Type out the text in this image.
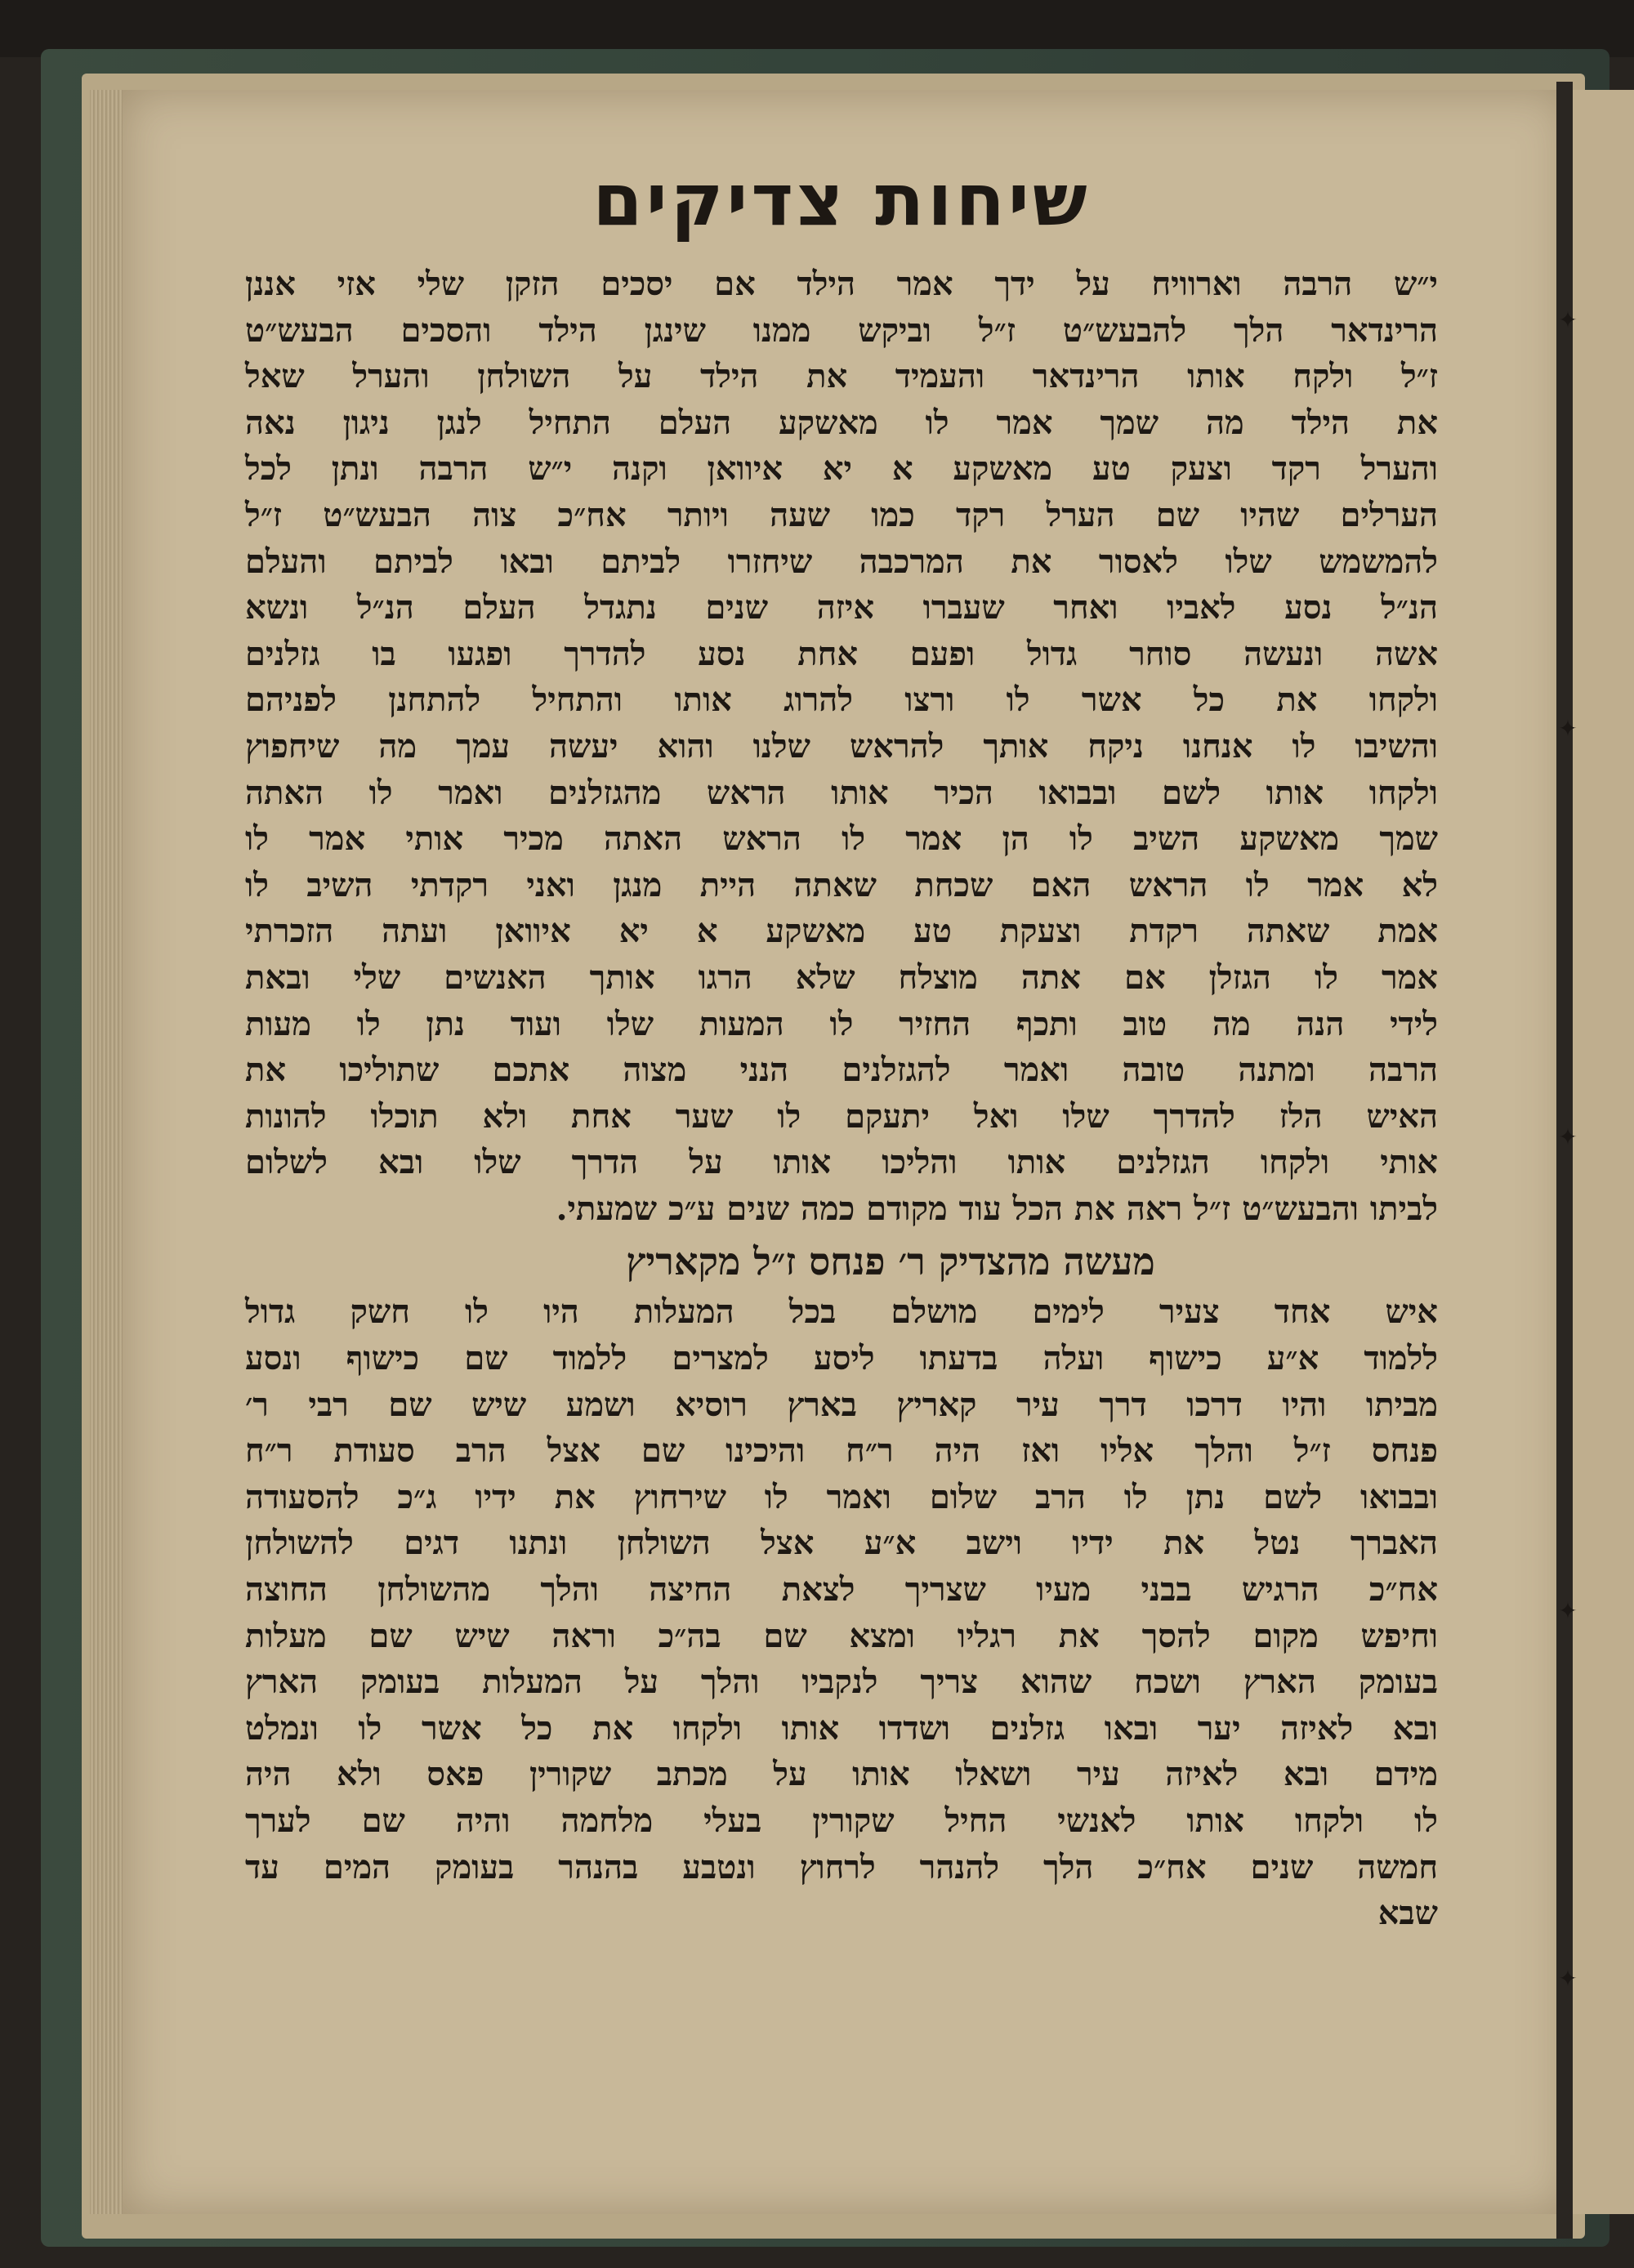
✦
✦
✦
✦
✦
שיחות צדיקים
י״ש הרבה וארוויח על ידך אמר הילד אם יסכים הזקן שלי אזי אננן
הרינדאר הלך להבעש״ט ז״ל וביקש ממנו שינגן הילד והסכים הבעש״ט
ז״ל ולקח אותו הרינדאר והעמיד את הילד על השולחן והערל שאל
את הילד מה שמך אמר לו מאשקע העלם התחיל לנגן ניגון נאה
והערל רקד וצעק טע מאשקע א יא איוואן וקנה י״ש הרבה ונתן לכל
הערלים שהיו שם הערל רקד כמו שעה ויותר אח״כ צוה הבעש״ט ז״ל
להמשמש שלו לאסור את המרכבה שיחזרו לביתם ובאו לביתם והעלם
הנ״ל נסע לאביו ואחר שעברו איזה שנים נתגדל העלם הנ״ל ונשא
אשה ונעשה סוחר גדול ופעם אחת נסע להדרך ופגעו בו גזלנים
ולקחו את כל אשר לו ורצו להרוג אותו והתחיל להתחנן לפניהם
והשיבו לו אנחנו ניקח אותך להראש שלנו והוא יעשה עמך מה שיחפוץ
ולקחו אותו לשם ובבואו הכיר אותו הראש מהגזלנים ואמר לו האתה
שמך מאשקע השיב לו הן אמר לו הראש האתה מכיר אותי אמר לו
לא אמר לו הראש האם שכחת שאתה היית מנגן ואני רקדתי השיב לו
אמת שאתה רקדת וצעקת טע מאשקע א יא איוואן ועתה הזכרתי
אמר לו הגזלן אם אתה מוצלח שלא הרגו אותך האנשים שלי ובאת
לידי הנה מה טוב ותכף החזיר לו המעות שלו ועוד נתן לו מעות
הרבה ומתנה טובה ואמר להגזלנים הנני מצוה אתכם שתוליכו את
האיש הלז להדרך שלו ואל יתעקם לו שער אחת ולא תוכלו להונות
אותי ולקחו הגזלנים אותו והליכו אותו על הדרך שלו ובא לשלום
לביתו והבעש״ט ז״ל ראה את הכל עוד מקודם כמה שנים ע״כ שמעתי.
מעשה מהצדיק ר׳ פנחס ז״ל מקאריץ
איש אחד צעיר לימים מושלם בכל המעלות היו לו חשק גדול
ללמוד א״ע כישוף ועלה בדעתו ליסע למצרים ללמוד שם כישוף ונסע
מביתו והיו דרכו דרך עיר קאריץ בארץ רוסיא ושמע שיש שם רבי ר׳
פנחס ז״ל והלך אליו ואז היה ר״ח והיכינו שם אצל הרב סעודת ר״ח
ובבואו לשם נתן לו הרב שלום ואמר לו שירחוץ את ידיו ג״כ להסעודה
האברך נטל את ידיו וישב א״ע אצל השולחן ונתנו דגים להשולחן
אח״כ הרגיש בבני מעיו שצריך לצאת החיצה והלך מהשולחן החוצה
וחיפש מקום להסך את רגליו ומצא שם בה״כ וראה שיש שם מעלות
בעומק הארץ ושכח שהוא צריך לנקביו והלך על המעלות בעומק הארץ
ובא לאיזה יער ובאו גזלנים ושדדו אותו ולקחו את כל אשר לו ונמלט
מידם ובא לאיזה עיר ושאלו אותו על מכתב שקורין פאס ולא היה
לו ולקחו אותו לאנשי החיל שקורין בעלי מלחמה והיה שם לערך
חמשה שנים אח״כ הלך להנהר לרחוץ ונטבע בהנהר בעומק המים עד
שבא
